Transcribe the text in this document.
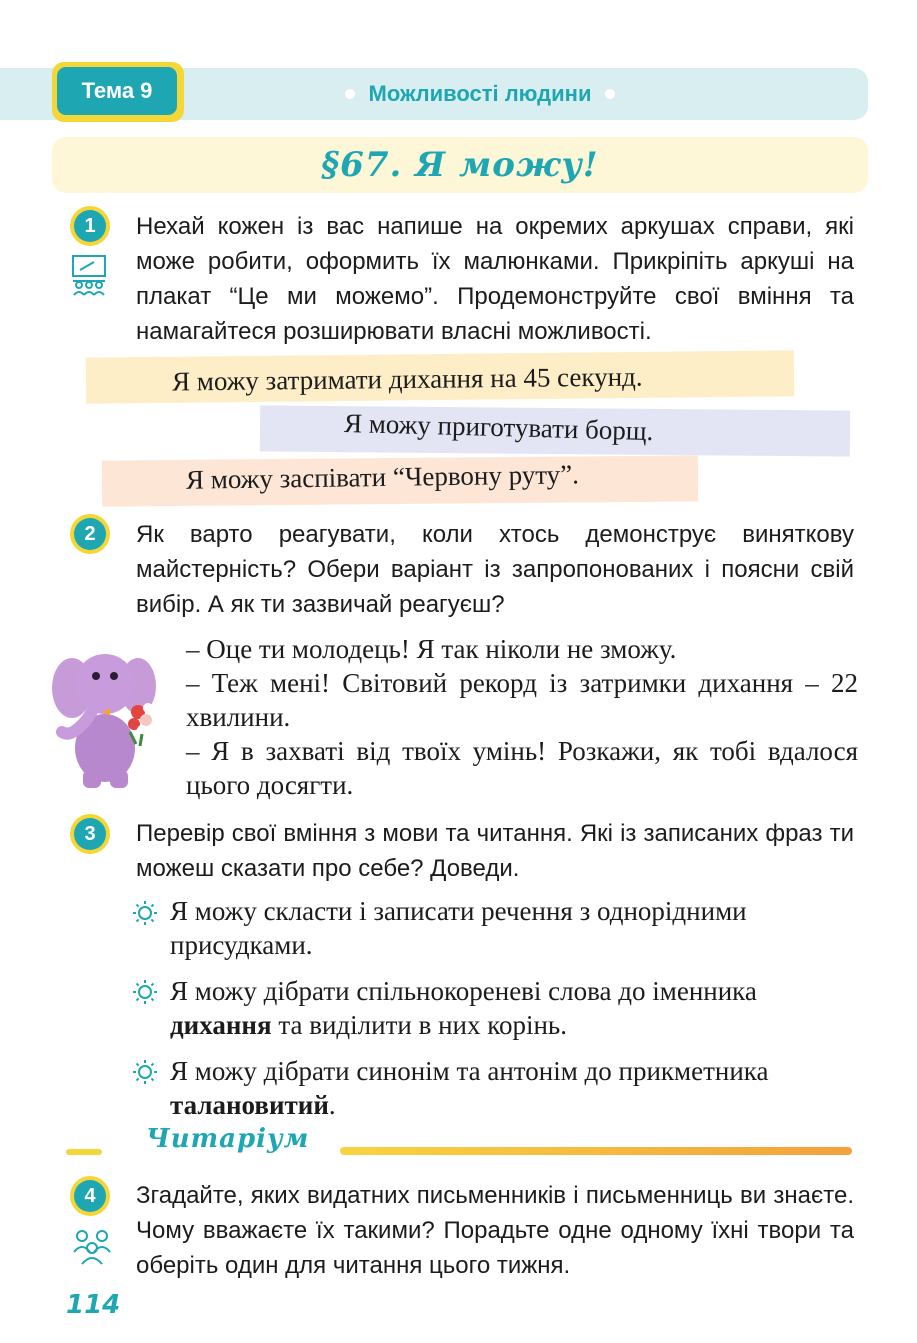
Тема 9	Можливості людини
§67. Я можу!
1	Нехай кожен із вас напише на окремих аркушах справи, які може робити, оформить їх малюнками. Прикріпіть аркуші на плакат “Це ми можемо”. Продемонструйте свої вміння та намагайтеся розширювати власні можливості.
Я можу затримати дихання на 45 секунд.
Я можу приготувати борщ.
Я можу заспівати “Червону руту”.
2	Як варто реагувати, коли хтось демонструє виняткову майстерність? Обери варіант із запропонованих і поясни свій вибір. А як ти зазвичай реагуєш?
– Оце ти молодець! Я так ніколи не зможу.
– Теж мені! Світовий рекорд із затримки дихання – 22 хвилини.
– Я в захваті від твоїх умінь! Розкажи, як тобі вдалося цього досягти.
3	Перевір свої вміння з мови та читання. Які із записаних фраз ти можеш сказати про себе? Доведи.
Я можу скласти і записати речення з однорідними присудками.
Я можу дібрати спільнокореневі слова до іменника дихання та виділити в них корінь.
Я можу дібрати синонім та антонім до прикметника талановитий.
Читаріум
4	Згадайте, яких видатних письменників і письменниць ви знаєте. Чому вважаєте їх такими? Порадьте одне одному їхні твори та оберіть один для читання цього тижня.
114
